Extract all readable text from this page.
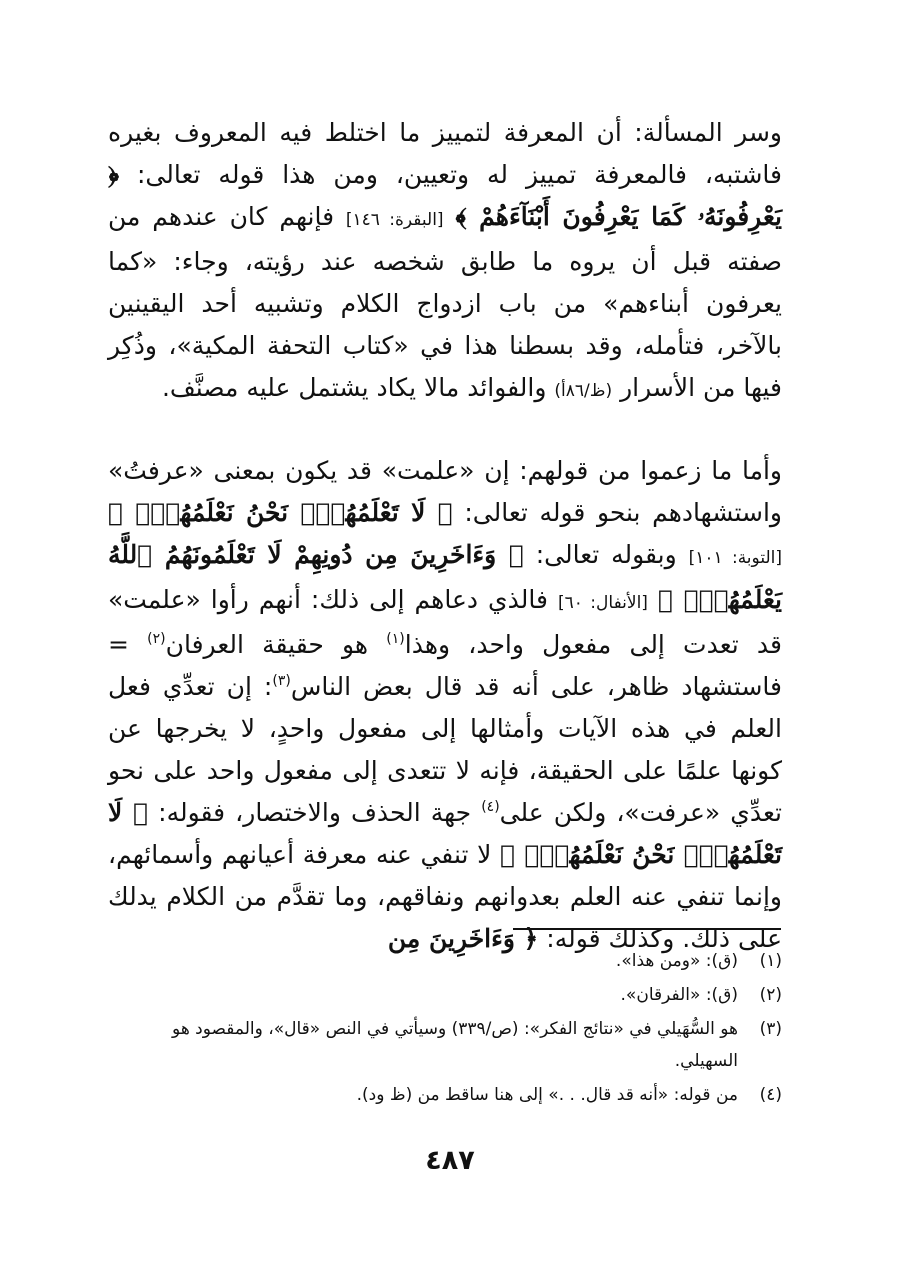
وسر المسألة: أن المعرفة لتمييز ما اختلط فيه المعروف بغيره فاشتبه، فالمعرفة تمييز له وتعيين، ومن هذا قوله تعالى: ﴿ يَعْرِفُونَهُۥ كَمَا يَعْرِفُونَ أَبْنَآءَهُمْ ﴾ [البقرة: ١٤٦] فإنهم كان عندهم من صفته قبل أن يروه ما طابق شخصه عند رؤيته، وجاء: «كما يعرفون أبناءهم» من باب ازدواج الكلام وتشبيه أحد اليقينين بالآخر، فتأمله، وقد بسطنا هذا في «كتاب التحفة المكية»، وذُكِر فيها من الأسرار (ظ/٨٦أ) والفوائد مالا يكاد يشتمل عليه مصنَّف.

وأما ما زعموا من قولهم: إن «علمت» قد يكون بمعنى «عرفتُ» واستشهادهم بنحو قوله تعالى: ﴿ لَا تَعْلَمُهُمْۖ نَحْنُ نَعْلَمُهُمْۚ ﴾ [التوبة: ١٠١] وبقوله تعالى: ﴿ وَءَاخَرِينَ مِن دُونِهِمْ لَا تَعْلَمُونَهُمُ ٱللَّهُ يَعْلَمُهُمْۚ ﴾ [الأنفال: ٦٠] فالذي دعاهم إلى ذلك: أنهم رأوا «علمت» قد تعدت إلى مفعول واحد، وهذا$^{(١)}$ هو حقيقة العرفان$^{(٢)}$ = فاستشهاد ظاهر، على أنه قد قال بعض الناس$^{(٣)}$: إن تعدِّي فعل العلم في هذه الآيات وأمثالها إلى مفعول واحدٍ، لا يخرجها عن كونها علمًا على الحقيقة، فإنه لا تتعدى إلى مفعول واحد على نحو تعدِّي «عرفت»، ولكن على$^{(٤)}$ جهة الحذف والاختصار، فقوله: ﴿ لَا تَعْلَمُهُمْۖ نَحْنُ نَعْلَمُهُمْۚ ﴾ لا تنفي عنه معرفة أعيانهم وأسمائهم، وإنما تنفي عنه العلم بعدوانهم ونفاقهم، وما تقدَّم من الكلام يدلك على ذلك. وكذلك قوله: ﴿ وَءَاخَرِينَ مِن

(١)
(ق): «ومن هذا».
(٢)
(ق): «الفرقان».
(٣)
هو السُّهَيلي في «نتائج الفكر»: (ص/٣٣٩) وسيأتي في النص «قال»، والمقصود هو السهيلي.
(٤)
من قوله: «أنه قد قال. . .» إلى هنا ساقط من (ظ ود).
٤٨٧
